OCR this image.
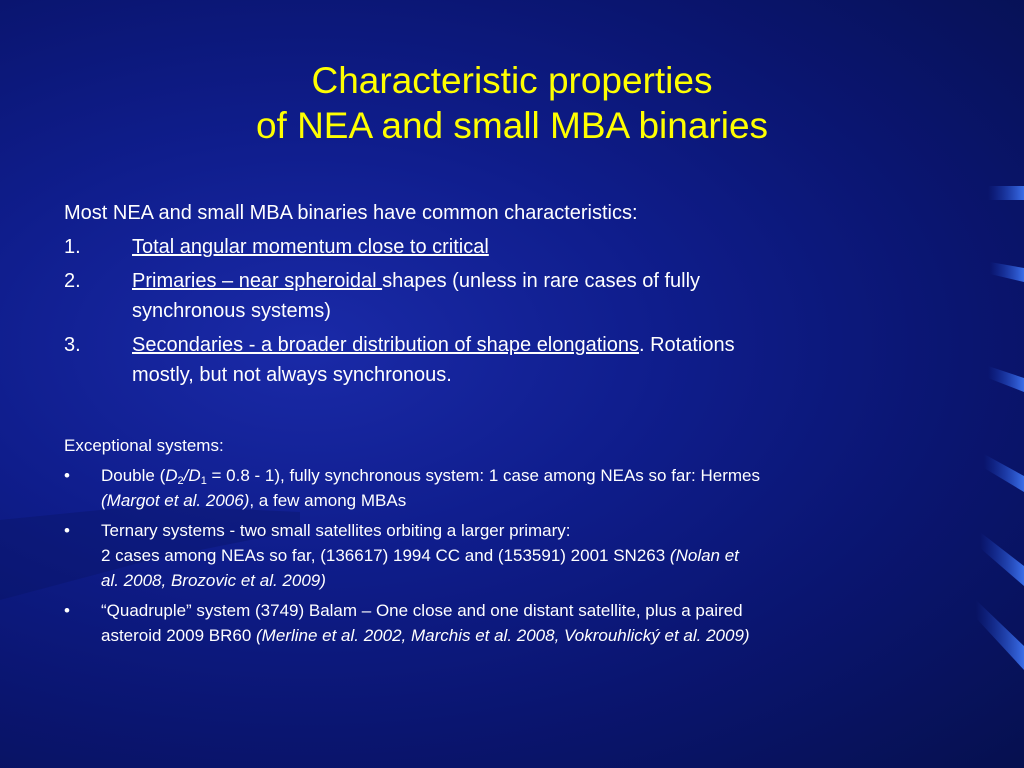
Characteristic properties
of NEA and small MBA binaries
Most NEA and small MBA binaries have common characteristics:
1.	Total angular momentum close to critical
2.	Primaries – near spheroidal shapes (unless in rare cases of fully
synchronous systems)
3.	Secondaries - a broader distribution of shape elongations. Rotations
mostly, but not always synchronous.
Exceptional systems:
• Double $(D_2/D_1 = 0.8 - 1)$, fully synchronous system: 1 case among NEAs so far: Hermes
(Margot et al. 2006), a few among MBAs
• Ternary systems - two small satellites orbiting a larger primary:
2 cases among NEAs so far, (136617) 1994 CC and (153591) 2001 SN263 (Nolan et
al. 2008, Brozovic et al. 2009)
• “Quadruple” system (3749) Balam – One close and one distant satellite, plus a paired
asteroid 2009 BR60 (Merline et al. 2002, Marchis et al. 2008, Vokrouhlický et al. 2009)
